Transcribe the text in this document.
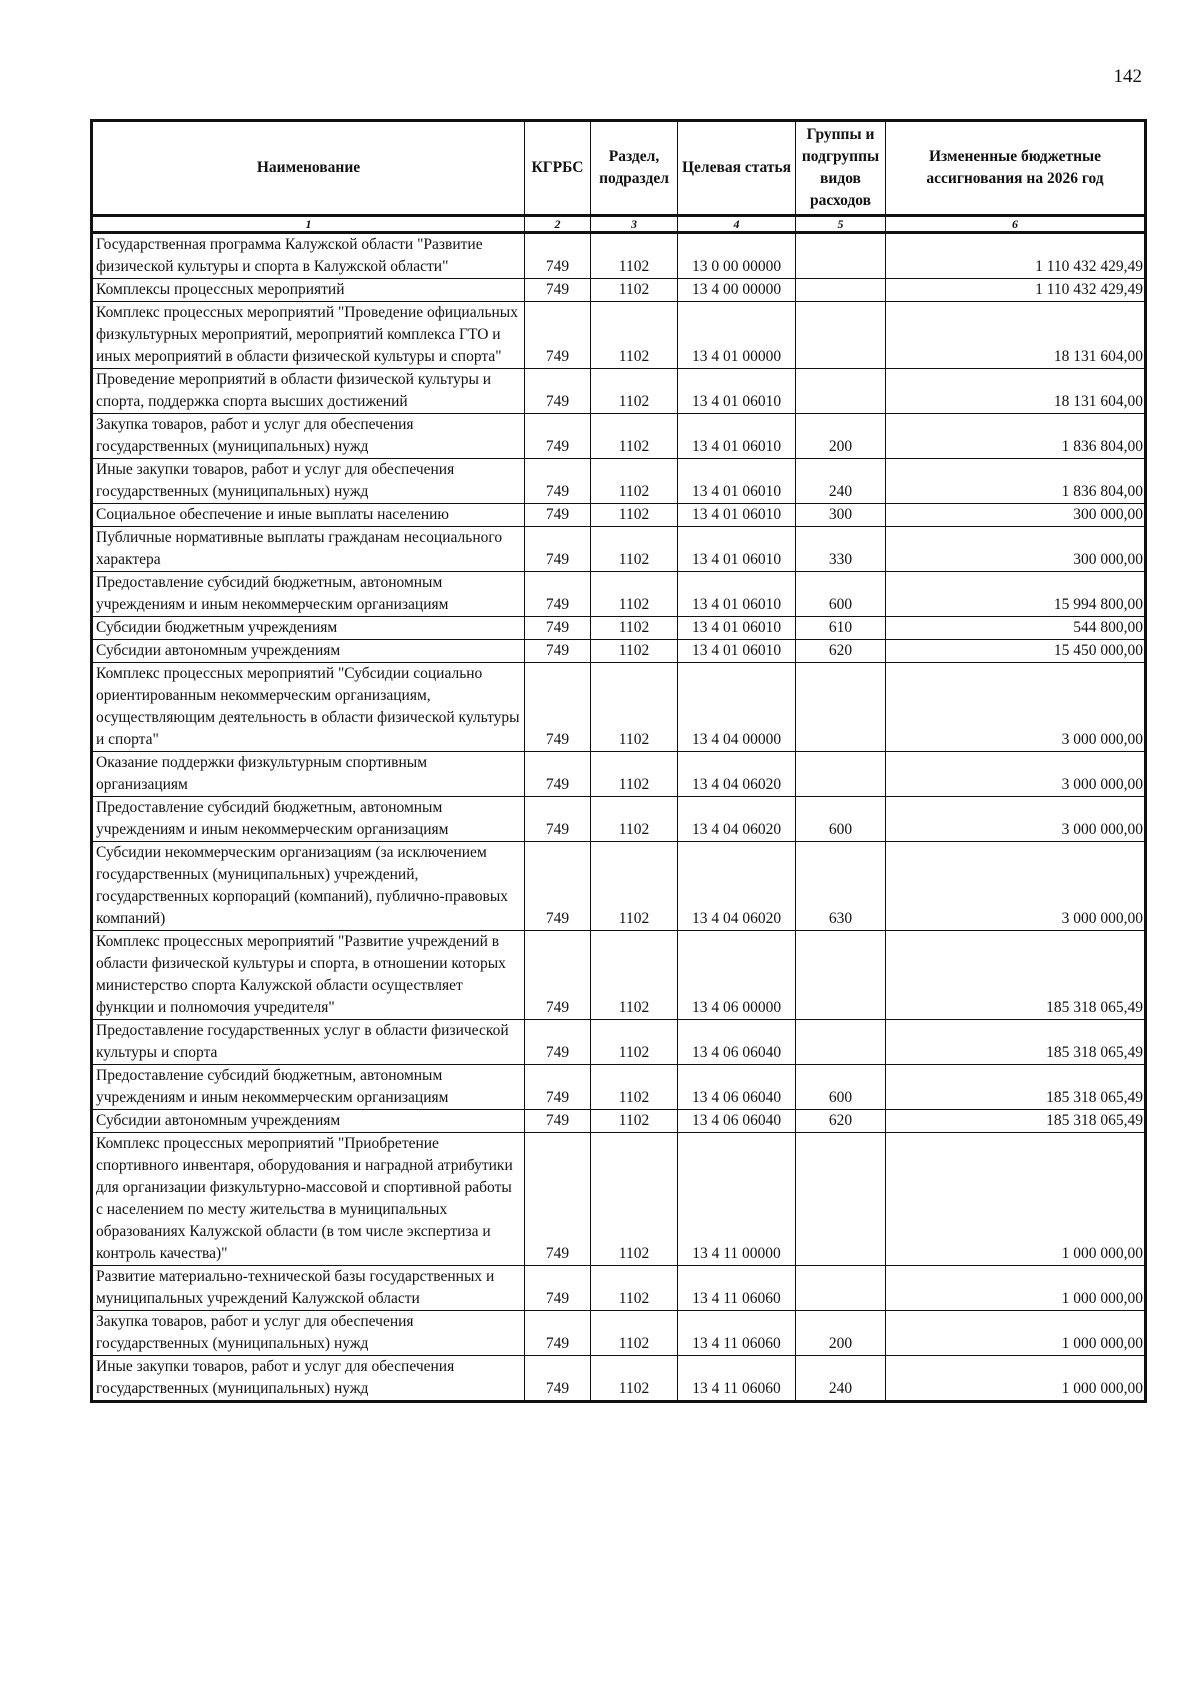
142
Наименование	КГРБС	Раздел, подраздел	Целевая статья	Группы и подгруппы видов расходов	Измененные бюджетные ассигнования на 2026 год
1	2	3	4	5	6
Государственная программа Калужской области "Развитие физической культуры и спорта в Калужской области"	749	1102	13 0 00 00000		1 110 432 429,49
Комплексы процессных мероприятий	749	1102	13 4 00 00000		1 110 432 429,49
Комплекс процессных мероприятий "Проведение официальных физкультурных мероприятий, мероприятий комплекса ГТО и иных мероприятий в области физической культуры и спорта"	749	1102	13 4 01 00000		18 131 604,00
Проведение мероприятий в области физической культуры и спорта, поддержка спорта высших достижений	749	1102	13 4 01 06010		18 131 604,00
Закупка товаров, работ и услуг для обеспечения государственных (муниципальных) нужд	749	1102	13 4 01 06010	200	1 836 804,00
Иные закупки товаров, работ и услуг для обеспечения государственных (муниципальных) нужд	749	1102	13 4 01 06010	240	1 836 804,00
Социальное обеспечение и иные выплаты населению	749	1102	13 4 01 06010	300	300 000,00
Публичные нормативные выплаты гражданам несоциального характера	749	1102	13 4 01 06010	330	300 000,00
Предоставление субсидий бюджетным, автономным учреждениям и иным некоммерческим организациям	749	1102	13 4 01 06010	600	15 994 800,00
Субсидии бюджетным учреждениям	749	1102	13 4 01 06010	610	544 800,00
Субсидии автономным учреждениям	749	1102	13 4 01 06010	620	15 450 000,00
Комплекс процессных мероприятий "Субсидии социально ориентированным некоммерческим организациям, осуществляющим деятельность в области физической культуры и спорта"	749	1102	13 4 04 00000		3 000 000,00
Оказание поддержки физкультурным спортивным организациям	749	1102	13 4 04 06020		3 000 000,00
Предоставление субсидий бюджетным, автономным учреждениям и иным некоммерческим организациям	749	1102	13 4 04 06020	600	3 000 000,00
Субсидии некоммерческим организациям (за исключением государственных (муниципальных) учреждений, государственных корпораций (компаний), публично-правовых компаний)	749	1102	13 4 04 06020	630	3 000 000,00
Комплекс процессных мероприятий "Развитие учреждений в области физической культуры и спорта, в отношении которых министерство спорта Калужской области осуществляет функции и полномочия учредителя"	749	1102	13 4 06 00000		185 318 065,49
Предоставление государственных услуг в области физической культуры и спорта	749	1102	13 4 06 06040		185 318 065,49
Предоставление субсидий бюджетным, автономным учреждениям и иным некоммерческим организациям	749	1102	13 4 06 06040	600	185 318 065,49
Субсидии автономным учреждениям	749	1102	13 4 06 06040	620	185 318 065,49
Комплекс процессных мероприятий "Приобретение спортивного инвентаря, оборудования и наградной атрибутики для организации физкультурно-массовой и спортивной работы с населением по месту жительства в муниципальных образованиях Калужской области (в том числе экспертиза и контроль качества)"	749	1102	13 4 11 00000		1 000 000,00
Развитие материально-технической базы государственных и муниципальных учреждений Калужской области	749	1102	13 4 11 06060		1 000 000,00
Закупка товаров, работ и услуг для обеспечения государственных (муниципальных) нужд	749	1102	13 4 11 06060	200	1 000 000,00
Иные закупки товаров, работ и услуг для обеспечения государственных (муниципальных) нужд	749	1102	13 4 11 06060	240	1 000 000,00
